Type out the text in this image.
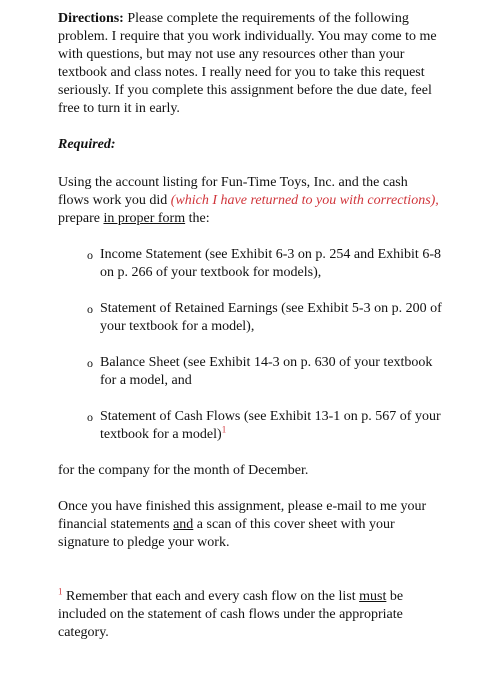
Directions: Please complete the requirements of the following problem. I require that you work individually. You may come to me with questions, but may not use any resources other than your textbook and class notes. I really need for you to take this request seriously. If you complete this assignment before the due date, feel free to turn it in early.

Required:

Using the account listing for Fun-Time Toys, Inc. and the cash flows work you did (which I have returned to you with corrections), prepare in proper form the:

o Income Statement (see Exhibit 6-3 on p. 254 and Exhibit 6-8 on p. 266 of your textbook for models),
o Statement of Retained Earnings (see Exhibit 5-3 on p. 200 of your textbook for a model),
o Balance Sheet (see Exhibit 14-3 on p. 630 of your textbook for a model, and
o Statement of Cash Flows (see Exhibit 13-1 on p. 567 of your textbook for a model)$^1$

for the company for the month of December.

Once you have finished this assignment, please e-mail to me your financial statements and a scan of this cover sheet with your signature to pledge your work.

$^1$ Remember that each and every cash flow on the list must be included on the statement of cash flows under the appropriate category.
